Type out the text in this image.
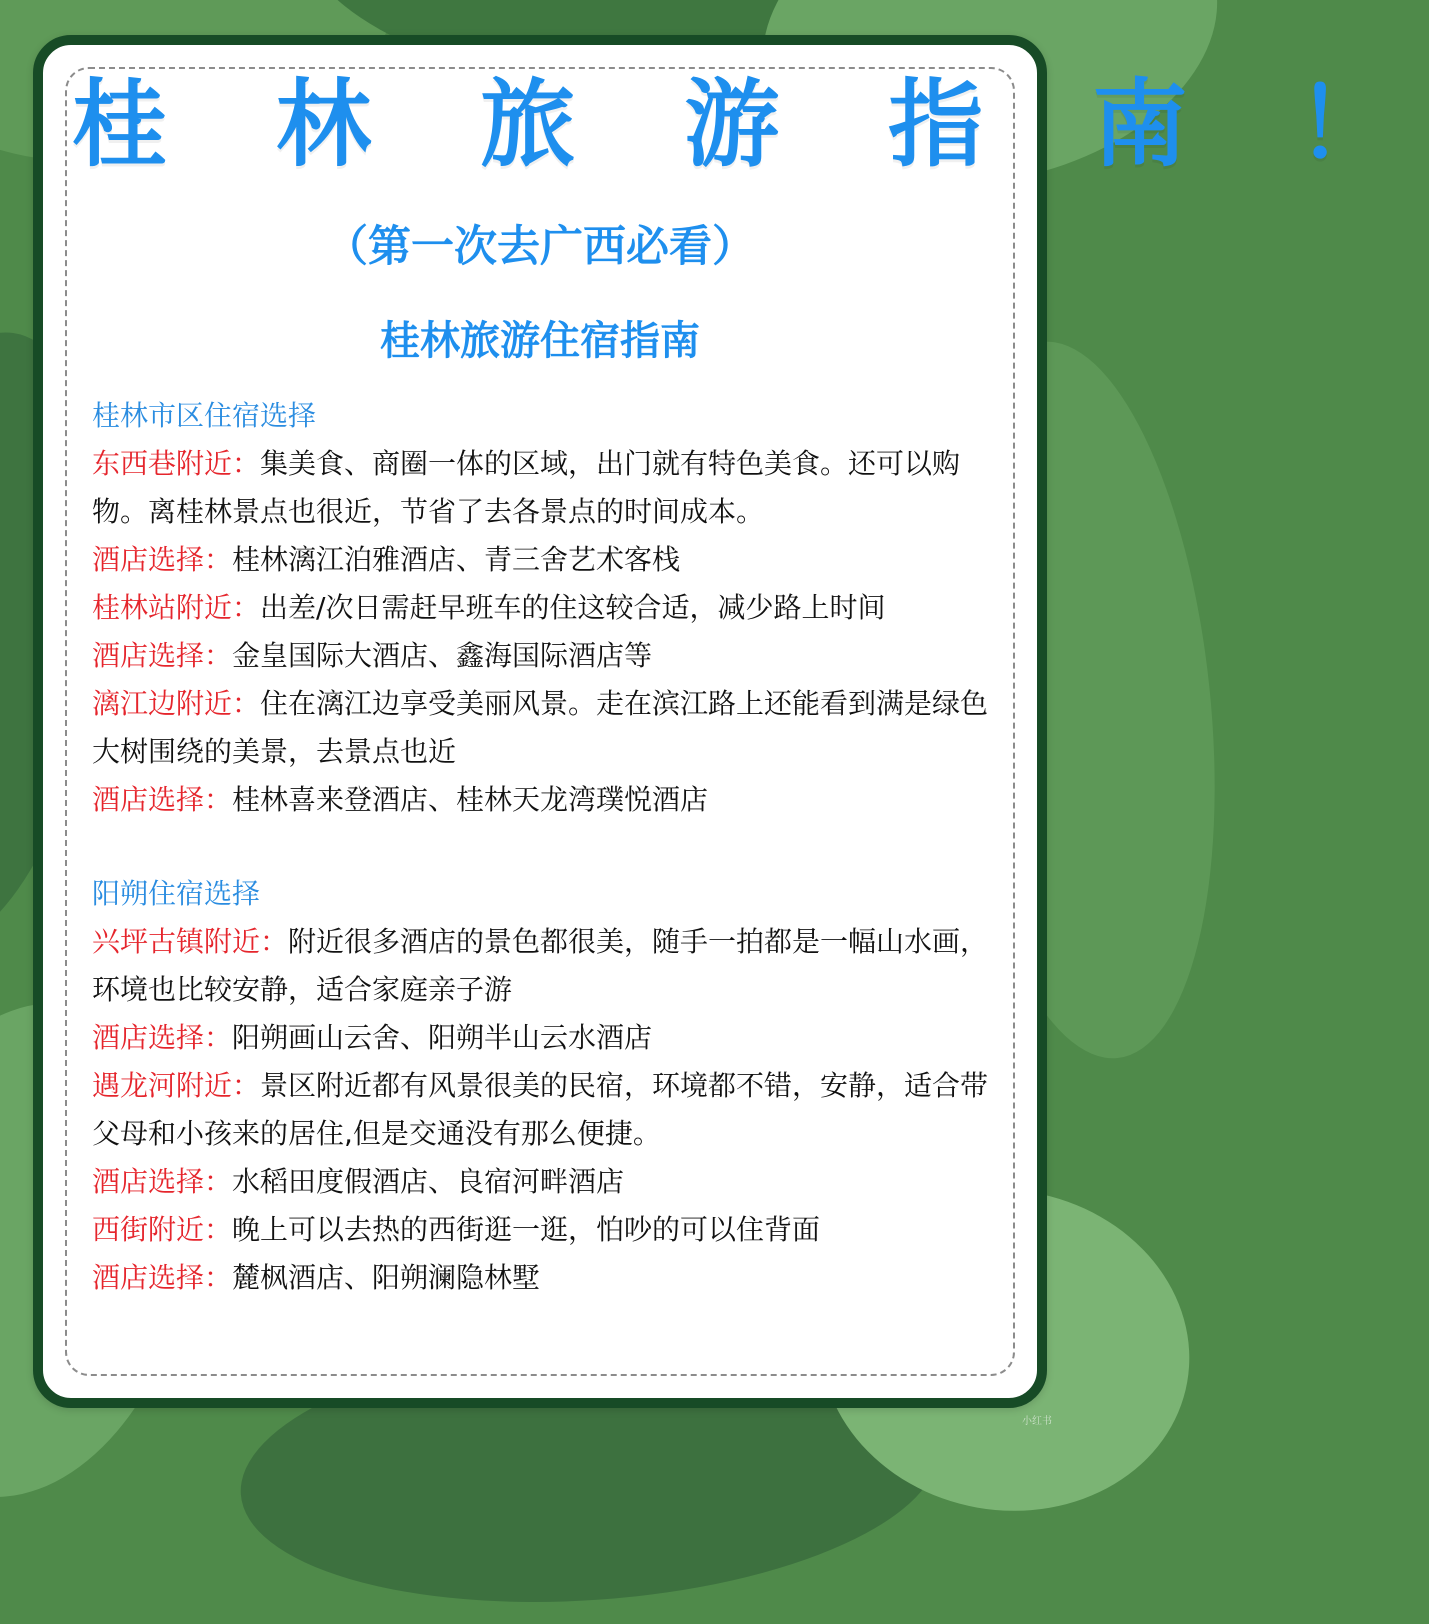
桂 林 旅 游 指 南 ！
（第一次去广西必看）
桂林旅游住宿指南

桂林市区住宿选择

东西巷附近：集美食、商圈一体的区域，出门就有特色美食。还可以购物。离桂林景点也很近，节省了去各景点的时间成本。

酒店选择：桂林漓江泊雅酒店、青三舍艺术客栈

桂林站附近：出差/次日需赶早班车的住这较合适，减少路上时间

酒店选择：金皇国际大酒店、鑫海国际酒店等

漓江边附近：住在漓江边享受美丽风景。走在滨江路上还能看到满是绿色大树围绕的美景，去景点也近

酒店选择：桂林喜来登酒店、桂林天龙湾璞悦酒店

阳朔住宿选择

兴坪古镇附近：附近很多酒店的景色都很美，随手一拍都是一幅山水画，环境也比较安静，适合家庭亲子游

酒店选择：阳朔画山云舍、阳朔半山云水酒店

遇龙河附近：景区附近都有风景很美的民宿，环境都不错，安静，适合带父母和小孩来的居住,但是交通没有那么便捷。

酒店选择：水稻田度假酒店、良宿河畔酒店

西街附近：晚上可以去热的西街逛一逛，怕吵的可以住背面

酒店选择：麓枫酒店、阳朔澜隐林墅

小红书
